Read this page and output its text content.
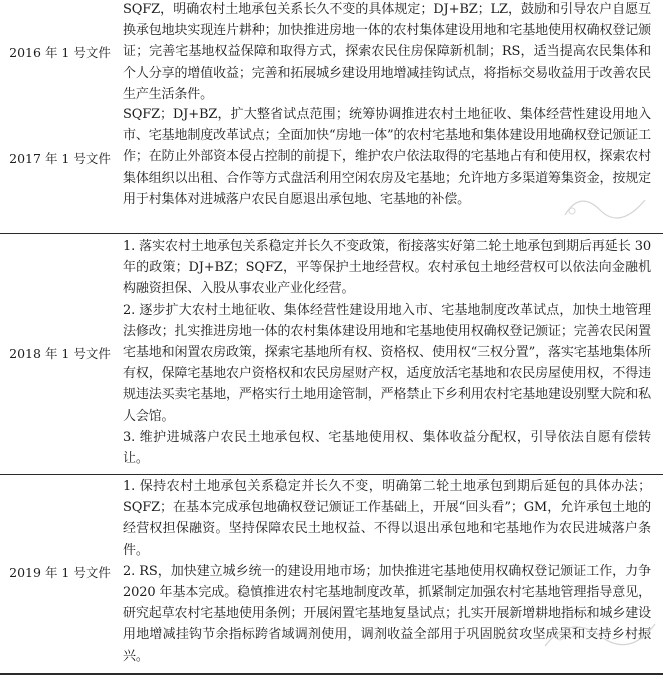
2016 年 1 号文件

SQFZ，明确农村土地承包关系长久不变的具体规定；DJ+BZ；LZ，鼓励和引导农户自愿互换承包地块实现连片耕种；加快推进房地一体的农村集体建设用地和宅基地使用权确权登记颁证；完善宅基地权益保障和取得方式，探索农民住房保障新机制；RS，适当提高农民集体和个人分享的增值收益；完善和拓展城乡建设用地增减挂钩试点，将指标交易收益用于改善农民生产生活条件。

2017 年 1 号文件

SQFZ；DJ+BZ，扩大整省试点范围；统筹协调推进农村土地征收、集体经营性建设用地入市、宅基地制度改革试点；全面加快“房地一体”的农村宅基地和集体建设用地确权登记颁证工作；在防止外部资本侵占控制的前提下，维护农户依法取得的宅基地占有和使用权，探索农村集体组织以出租、合作等方式盘活利用空闲农房及宅基地；允许地方多渠道筹集资金，按规定用于村集体对进城落户农民自愿退出承包地、宅基地的补偿。

2018 年 1 号文件

1. 落实农村土地承包关系稳定并长久不变政策，衔接落实好第二轮土地承包到期后再延长 30 年的政策；DJ+BZ；SQFZ，平等保护土地经营权。农村承包土地经营权可以依法向金融机构融资担保、入股从事农业产业化经营。

2. 逐步扩大农村土地征收、集体经营性建设用地入市、宅基地制度改革试点，加快土地管理法修改；扎实推进房地一体的农村集体建设用地和宅基地使用权确权登记颁证；完善农民闲置宅基地和闲置农房政策，探索宅基地所有权、资格权、使用权“三权分置”，落实宅基地集体所有权，保障宅基地农户资格权和农民房屋财产权，适度放活宅基地和农民房屋使用权，不得违规违法买卖宅基地，严格实行土地用途管制，严格禁止下乡利用农村宅基地建设别墅大院和私人会馆。

3. 维护进城落户农民土地承包权、宅基地使用权、集体收益分配权，引导依法自愿有偿转让。

2019 年 1 号文件

1. 保持农村土地承包关系稳定并长久不变，明确第二轮土地承包到期后延包的具体办法；SQFZ；在基本完成承包地确权登记颁证工作基础上，开展“回头看”；GM，允许承包土地的经营权担保融资。坚持保障农民土地权益、不得以退出承包地和宅基地作为农民进城落户条件。

2. RS，加快建立城乡统一的建设用地市场；加快推进宅基地使用权确权登记颁证工作，力争 2020 年基本完成。稳慎推进农村宅基地制度改革，抓紧制定加强农村宅基地管理指导意见，研究起草农村宅基地使用条例；开展闲置宅基地复垦试点；扎实开展新增耕地指标和城乡建设用地增减挂钩节余指标跨省域调剂使用，调剂收益全部用于巩固脱贫攻坚成果和支持乡村振兴。
